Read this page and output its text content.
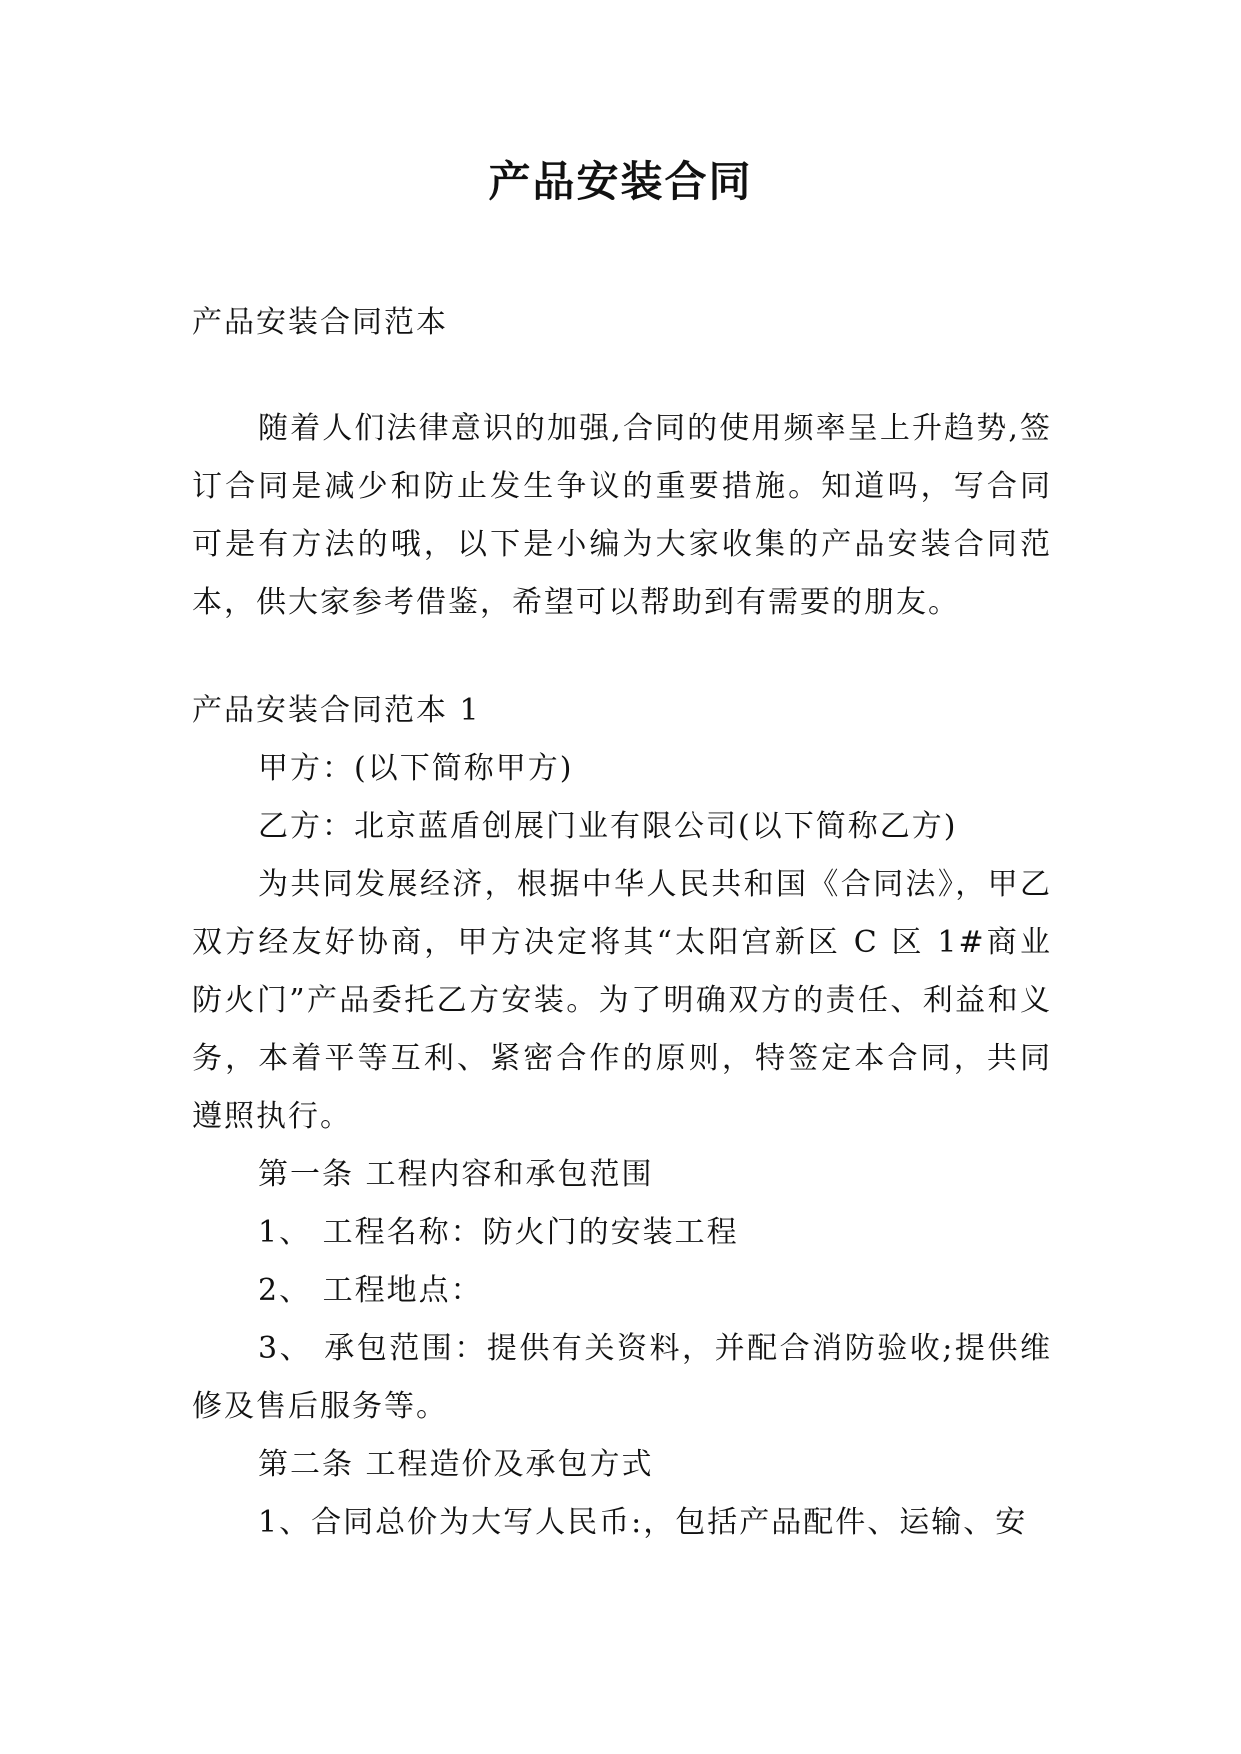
产品安装合同

产品安装合同范本

随着人们法律意识的加强,合同的使用频率呈上升趋势,签订合同是减少和防止发生争议的重要措施。知道吗，写合同可是有方法的哦，以下是小编为大家收集的产品安装合同范本，供大家参考借鉴，希望可以帮助到有需要的朋友。

产品安装合同范本 1

甲方：(以下简称甲方)

乙方：北京蓝盾创展门业有限公司(以下简称乙方)

为共同发展经济，根据中华人民共和国《合同法》，甲乙双方经友好协商，甲方决定将其“太阳宫新区 C 区 1#商业防火门”产品委托乙方安装。为了明确双方的责任、利益和义务，本着平等互利、紧密合作的原则，特签定本合同，共同遵照执行。

第一条 工程内容和承包范围

1、 工程名称：防火门的安装工程

2、 工程地点：

3、 承包范围：提供有关资料，并配合消防验收;提供维修及售后服务等。

第二条 工程造价及承包方式

1、合同总价为大写人民币:，包括产品配件、运输、安
